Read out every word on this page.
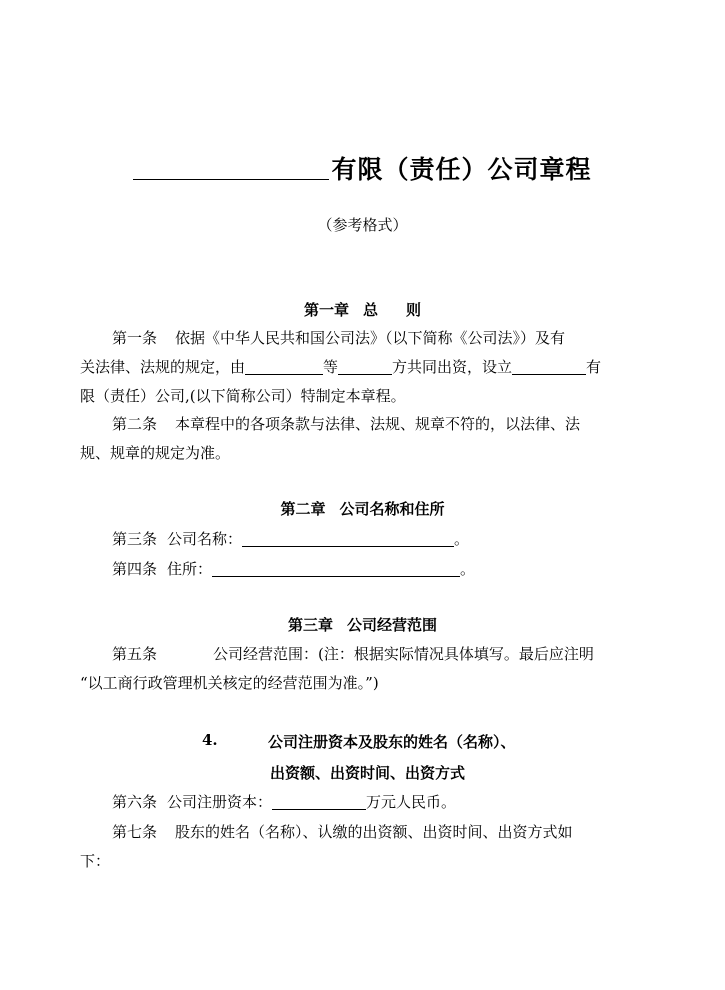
有限（责任）公司章程
（参考格式）
第一章 总 则
第一条 依据《中华人民共和国公司法》（以下简称《公司法》）及有
关法律、法规的规定，由	等	方共同出资，设立	有
限（责任）公司,(以下简称公司）特制定本章程。
第二条 本章程中的各项条款与法律、法规、规章不符的，以法律、法
规、规章的规定为准。
第二章 公司名称和住所
第三条 公司名称：	。
第四条 住所：	。
第三章 公司经营范围
第五条	公司经营范围：(注：根据实际情况具体填写。最后应注明
“以工商行政管理机关核定的经营范围为准。”)
4.	公司注册资本及股东的姓名（名称）、
出资额、出资时间、出资方式
第六条 公司注册资本：	万元人民币。
第七条 股东的姓名（名称）、认缴的出资额、出资时间、出资方式如
下：
